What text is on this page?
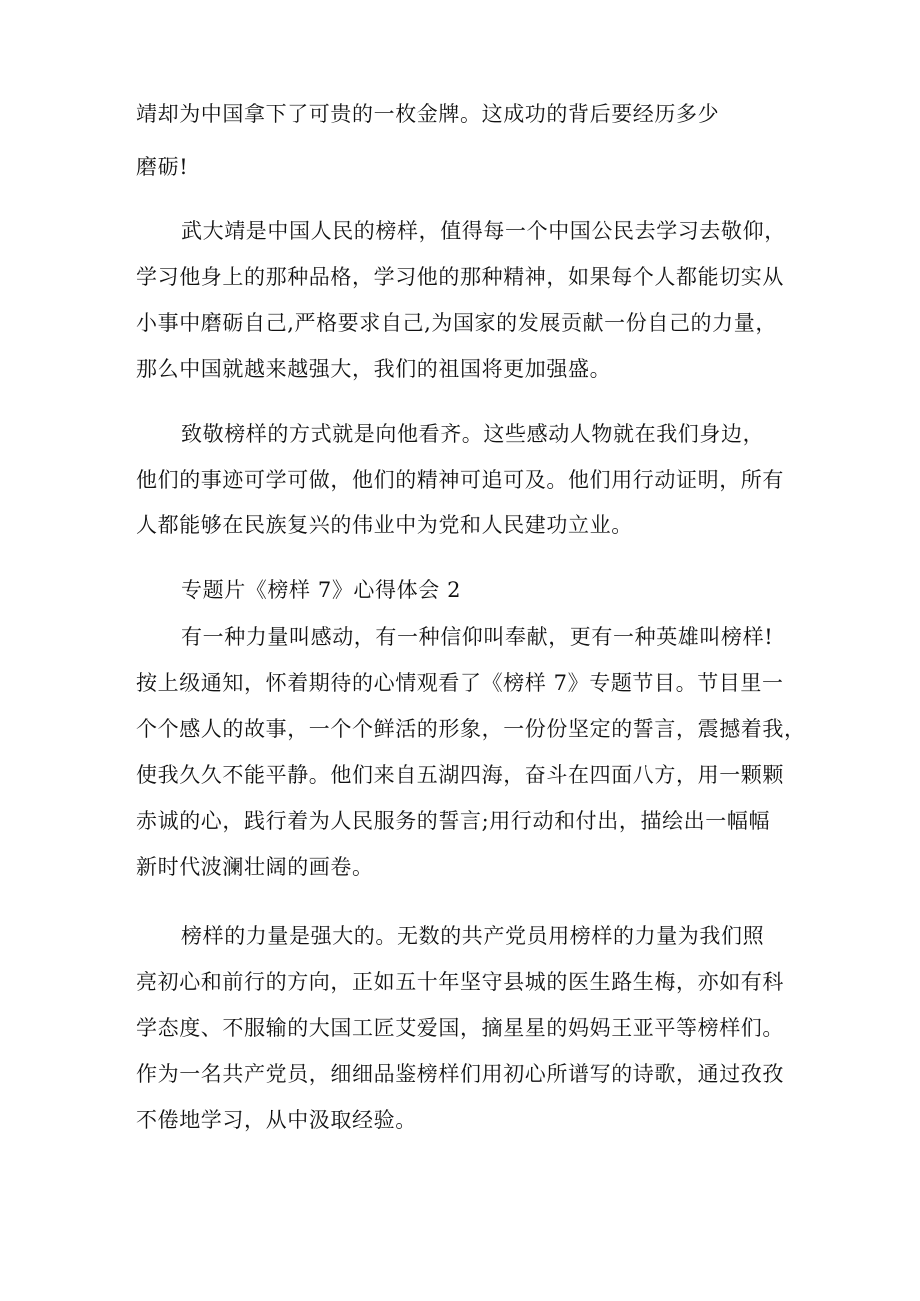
靖却为中国拿下了可贵的一枚金牌。这成功的背后要经历多少
磨砺!
武大靖是中国人民的榜样，值得每一个中国公民去学习去敬仰，
学习他身上的那种品格，学习他的那种精神，如果每个人都能切实从
小事中磨砺自己,严格要求自己,为国家的发展贡献一份自己的力量，
那么中国就越来越强大，我们的祖国将更加强盛。
致敬榜样的方式就是向他看齐。这些感动人物就在我们身边，
他们的事迹可学可做，他们的精神可追可及。他们用行动证明，所有
人都能够在民族复兴的伟业中为党和人民建功立业。
专题片《榜样 7》心得体会 2
有一种力量叫感动，有一种信仰叫奉献，更有一种英雄叫榜样!
按上级通知，怀着期待的心情观看了《榜样 7》专题节目。节目里一
个个感人的故事，一个个鲜活的形象，一份份坚定的誓言，震撼着我，
使我久久不能平静。他们来自五湖四海，奋斗在四面八方，用一颗颗
赤诚的心，践行着为人民服务的誓言;用行动和付出，描绘出一幅幅
新时代波澜壮阔的画卷。
榜样的力量是强大的。无数的共产党员用榜样的力量为我们照
亮初心和前行的方向，正如五十年坚守县城的医生路生梅，亦如有科
学态度、不服输的大国工匠艾爱国，摘星星的妈妈王亚平等榜样们。
作为一名共产党员，细细品鉴榜样们用初心所谱写的诗歌，通过孜孜
不倦地学习，从中汲取经验。
